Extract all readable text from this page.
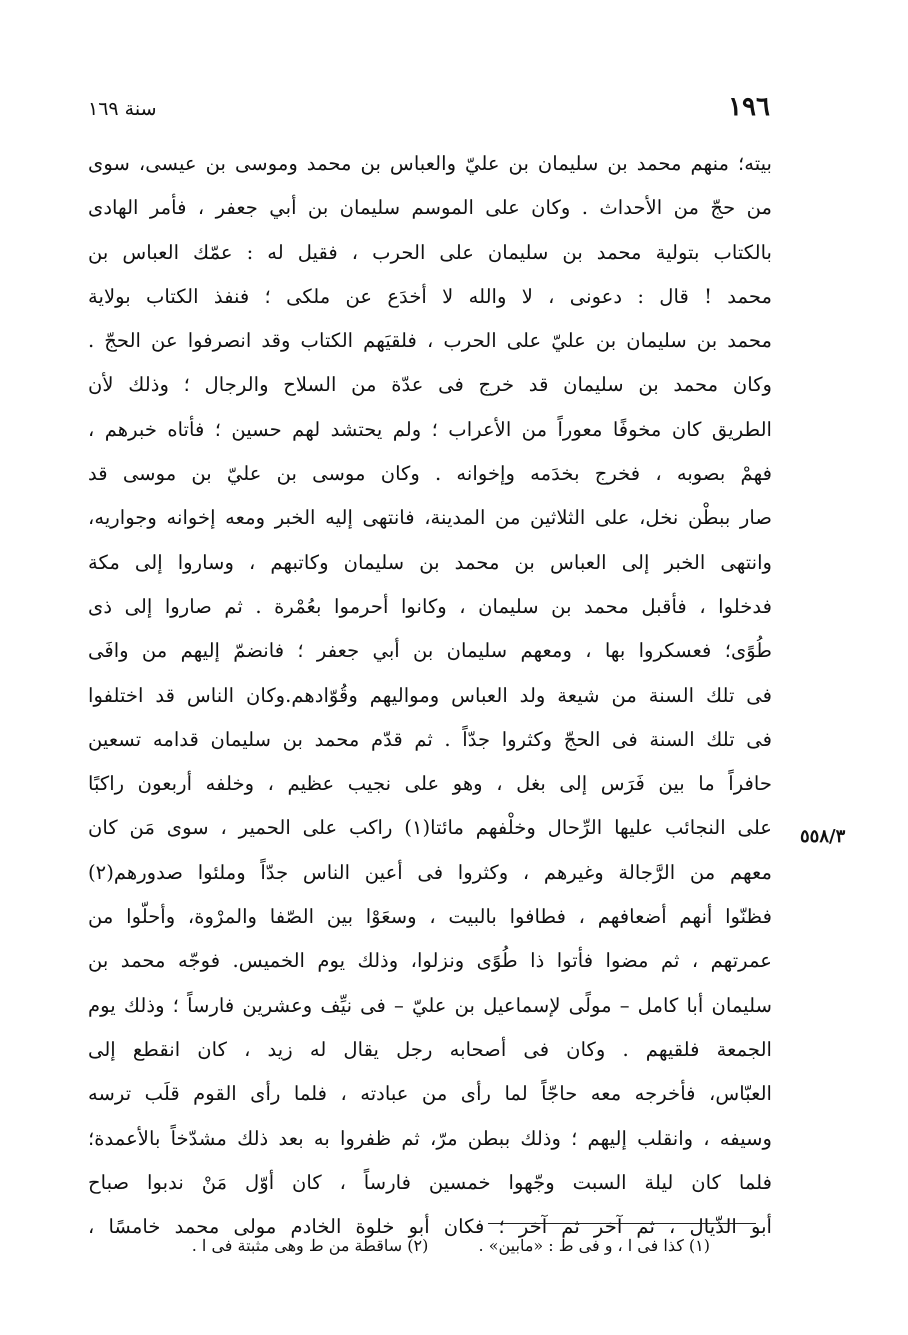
١٩٦
سنة ١٦٩
بيته؛ منهم محمد بن سليمان بن عليّ والعباس بن محمد وموسى بن عيسى، سوى
من حجّ من الأحداث . وكان على الموسم سليمان بن أبي جعفر ، فأمر الهادى
بالكتاب بتولية محمد بن سليمان على الحرب ، فقيل له : عمّك العباس بن
محمد ! قال : دعونى ، لا والله لا أخدَع عن ملكى ؛ فنفذ الكتاب بولاية
محمد بن سليمان بن عليّ على الحرب ، فلقيَهم الكتاب وقد انصرفوا عن الحجّ .
وكان محمد بن سليمان قد خرج فى عدّة من السلاح والرجال ؛ وذلك لأن
الطريق كان مخوفًا معوراً من الأعراب ؛ ولم يحتشد لهم حسين ؛ فأتاه خبرهم ،
فهمْ بصوبه ، فخرج بخدَمه وإخوانه . وكان موسى بن عليّ بن موسى قد
صار ببطْن نخل، على الثلاثين من المدينة، فانتهى إليه الخبر ومعه إخوانه وجواريه،
وانتهى الخبر إلى العباس بن محمد بن سليمان وكاتبهم ، وساروا إلى مكة
فدخلوا ، فأقبل محمد بن سليمان ، وكانوا أحرموا بعُمْرة . ثم صاروا إلى ذى
طُوًى؛ فعسكروا بها ، ومعهم سليمان بن أبي جعفر ؛ فانضمّ إليهم من وافَى
فى تلك السنة من شيعة ولد العباس ومواليهم وقُوّادهم.وكان الناس قد اختلفوا
فى تلك السنة فى الحجّ وكثروا جدّاً . ثم قدّم محمد بن سليمان قدامه تسعين
حافراً ما بين فَرَس إلى بغل ، وهو على نجيب عظيم ، وخلفه أربعون راكبًا
على النجائب عليها الرِّحال وخلْفهم مائتا(١) راكب على الحمير ، سوى مَن كان
معهم من الرَّجالة وغيرهم ، وكثروا فى أعين الناس جدّاً وملئوا صدورهم(٢)
فظنّوا أنهم أضعافهم ، فطافوا بالبيت ، وسعَوْا بين الصّفا والمرْوة، وأحلّوا من
عمرتهم ، ثم مضوا فأتوا ذا طُوًى ونزلوا، وذلك يوم الخميس. فوجّه محمد بن
سليمان أبا كامل – مولًى لإسماعيل بن عليّ – فى نيِّف وعشرين فارساً ؛ وذلك يوم
الجمعة فلقيهم . وكان فى أصحابه رجل يقال له زيد ، كان انقطع إلى
العبّاس، فأخرجه معه حاجّاً لما رأى من عبادته ، فلما رأى القوم قلَب ترسه
وسيفه ، وانقلب إليهم ؛ وذلك ببطن مرّ، ثم ظفروا به بعد ذلك مشدّخاً بالأعمدة؛
فلما كان ليلة السبت وجّهوا خمسين فارساً ، كان أوّل مَنْ ندبوا صباح
أبو الذّيال ، ثم آخر ثم آخر ؛ فكان أبو خلوة الخادم مولى محمد خامسًا ،
٥٥٨/٣
(١) كذا فى ا ، و فى ط : «مابين» .  (٢) ساقطة من ط وهى مثبتة فى ا .
